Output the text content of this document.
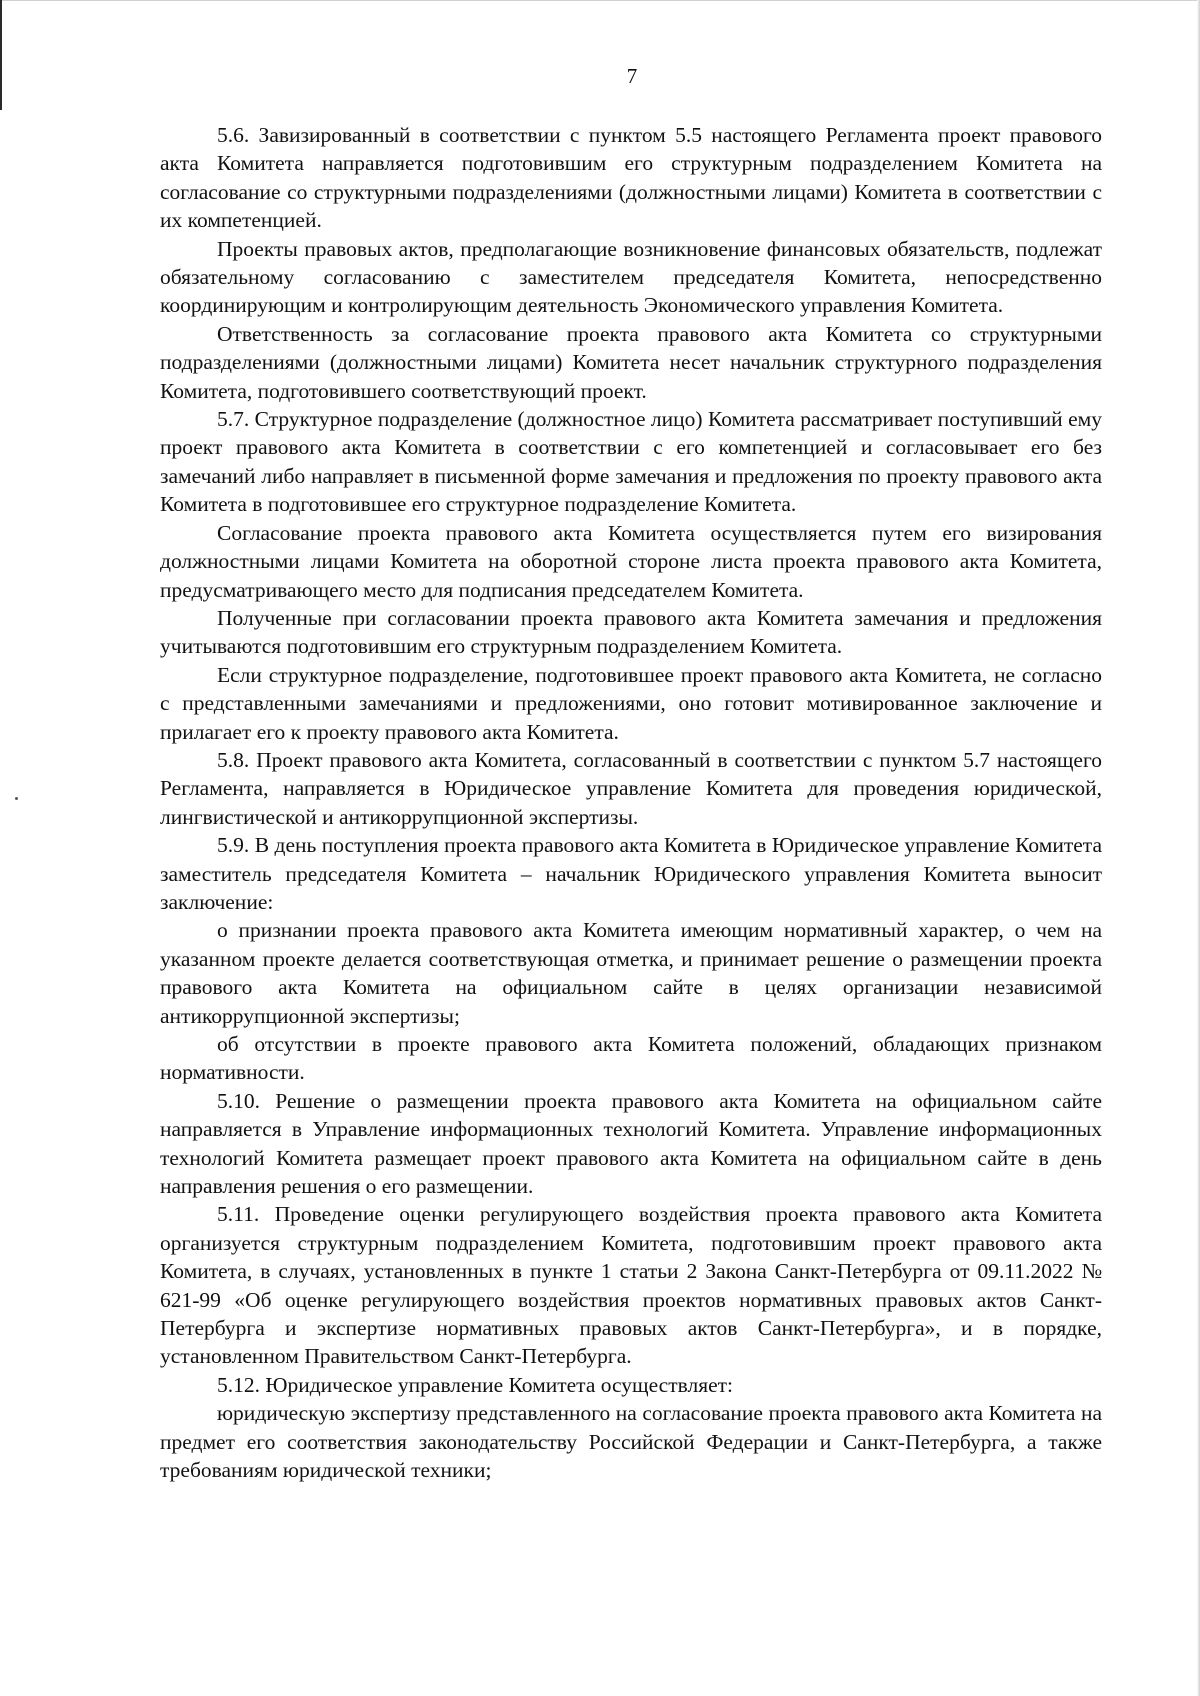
7

5.6. Завизированный в соответствии с пунктом 5.5 настоящего Регламента проект правового акта Комитета направляется подготовившим его структурным подразделением Комитета на согласование со структурными подразделениями (должностными лицами) Комитета в соответствии с их компетенцией.

Проекты правовых актов, предполагающие возникновение финансовых обязательств, подлежат обязательному согласованию с заместителем председателя Комитета, непосредственно координирующим и контролирующим деятельность Экономического управления Комитета.

Ответственность за согласование проекта правового акта Комитета со структурными подразделениями (должностными лицами) Комитета несет начальник структурного подразделения Комитета, подготовившего соответствующий проект.

5.7. Структурное подразделение (должностное лицо) Комитета рассматривает поступивший ему проект правового акта Комитета в соответствии с его компетенцией и согласовывает его без замечаний либо направляет в письменной форме замечания и предложения по проекту правового акта Комитета в подготовившее его структурное подразделение Комитета.

Согласование проекта правового акта Комитета осуществляется путем его визирования должностными лицами Комитета на оборотной стороне листа проекта правового акта Комитета, предусматривающего место для подписания председателем Комитета.

Полученные при согласовании проекта правового акта Комитета замечания и предложения учитываются подготовившим его структурным подразделением Комитета.

Если структурное подразделение, подготовившее проект правового акта Комитета, не согласно с представленными замечаниями и предложениями, оно готовит мотивированное заключение и прилагает его к проекту правового акта Комитета.

5.8. Проект правового акта Комитета, согласованный в соответствии с пунктом 5.7 настоящего Регламента, направляется в Юридическое управление Комитета для проведения юридической, лингвистической и антикоррупционной экспертизы.

5.9. В день поступления проекта правового акта Комитета в Юридическое управление Комитета заместитель председателя Комитета – начальник Юридического управления Комитета выносит заключение:

о признании проекта правового акта Комитета имеющим нормативный характер, о чем на указанном проекте делается соответствующая отметка, и принимает решение о размещении проекта правового акта Комитета на официальном сайте в целях организации независимой антикоррупционной экспертизы;

об отсутствии в проекте правового акта Комитета положений, обладающих признаком нормативности.

5.10. Решение о размещении проекта правового акта Комитета на официальном сайте направляется в Управление информационных технологий Комитета. Управление информационных технологий Комитета размещает проект правового акта Комитета на официальном сайте в день направления решения о его размещении.

5.11. Проведение оценки регулирующего воздействия проекта правового акта Комитета организуется структурным подразделением Комитета, подготовившим проект правового акта Комитета, в случаях, установленных в пункте 1 статьи 2 Закона Санкт-Петербурга от 09.11.2022 № 621-99 «Об оценке регулирующего воздействия проектов нормативных правовых актов Санкт-Петербурга и экспертизе нормативных правовых актов Санкт-Петербурга», и в порядке, установленном Правительством Санкт-Петербурга.

5.12. Юридическое управление Комитета осуществляет:

юридическую экспертизу представленного на согласование проекта правового акта Комитета на предмет его соответствия законодательству Российской Федерации и Санкт-Петербурга, а также требованиям юридической техники;
